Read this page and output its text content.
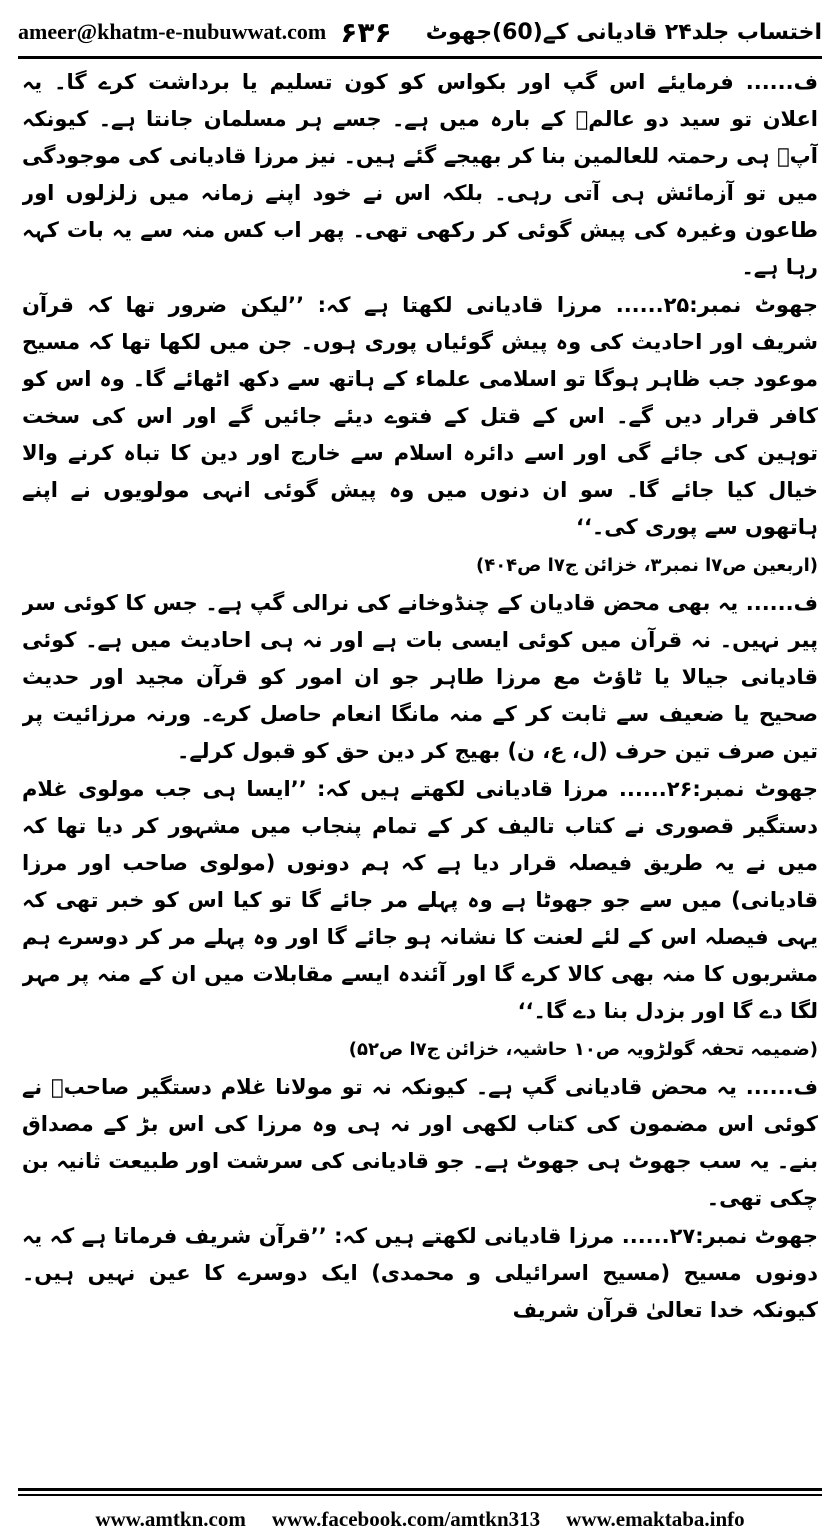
ameer@khatm-e-nubuwwat.com ۶۳۶ اختساب جلد۲۴ قادیانی کے(60)جھوٹ

ف...... فرمایئے اس گپ اور بکواس کو کون تسلیم یا برداشت کرے گا۔ یہ اعلان تو سید دو عالمﷺ کے بارہ میں ہے۔ جسے ہر مسلمان جانتا ہے۔ کیونکہ آپؐ ہی رحمتہ للعالمین بنا کر بھیجے گئے ہیں۔ نیز مرزا قادیانی کی موجودگی میں تو آزمائش ہی آتی رہی۔ بلکہ اس نے خود اپنے زمانہ میں زلزلوں اور طاعون وغیرہ کی پیش گوئی کر رکھی تھی۔ پھر اب کس منہ سے یہ بات کہہ رہا ہے۔

جھوٹ نمبر:۲۵...... مرزا قادیانی لکھتا ہے کہ: ’’لیکن ضرور تھا کہ قرآن شریف اور احادیث کی وہ پیش گوئیاں پوری ہوں۔ جن میں لکھا تھا کہ مسیح موعود جب ظاہر ہوگا تو اسلامی علماء کے ہاتھ سے دکھ اٹھائے گا۔ وہ اس کو کافر قرار دیں گے۔ اس کے قتل کے فتوے دیئے جائیں گے اور اس کی سخت توہین کی جائے گی اور اسے دائرہ اسلام سے خارج اور دین کا تباہ کرنے والا خیال کیا جائے گا۔ سو ان دنوں میں وہ پیش گوئی انہی مولویوں نے اپنے ہاتھوں سے پوری کی۔‘‘

(اربعین ص۷ا نمبر۳، خزائن ج۷ا ص۴۰۴)

ف...... یہ بھی محض قادیان کے چنڈوخانے کی نرالی گپ ہے۔ جس کا کوئی سر پیر نہیں۔ نہ قرآن میں کوئی ایسی بات ہے اور نہ ہی احادیث میں ہے۔ کوئی قادیانی جیالا یا ٹاؤٹ مع مرزا طاہر جو ان امور کو قرآن مجید اور حدیث صحیح یا ضعیف سے ثابت کر کے منہ مانگا انعام حاصل کرے۔ ورنہ مرزائیت پر تین صرف تین حرف (ل، ع، ن) بھیج کر دین حق کو قبول کرلے۔

جھوٹ نمبر:۲۶...... مرزا قادیانی لکھتے ہیں کہ: ’’ایسا ہی جب مولوی غلام دستگیر قصوری نے کتاب تالیف کر کے تمام پنجاب میں مشہور کر دیا تھا کہ میں نے یہ طریق فیصلہ قرار دیا ہے کہ ہم دونوں (مولوی صاحب اور مرزا قادیانی) میں سے جو جھوٹا ہے وہ پہلے مر جائے گا تو کیا اس کو خبر تھی کہ یہی فیصلہ اس کے لئے لعنت کا نشانہ ہو جائے گا اور وہ پہلے مر کر دوسرے ہم مشربوں کا منہ بھی کالا کرے گا اور آئندہ ایسے مقابلات میں ان کے منہ پر مہر لگا دے گا اور بزدل بنا دے گا۔‘‘

(ضمیمہ تحفہ گولڑویہ ص۱۰ حاشیہ، خزائن ج۷ا ص۵۲)

ف...... یہ محض قادیانی گپ ہے۔ کیونکہ نہ تو مولانا غلام دستگیر صاحبؒ نے کوئی اس مضمون کی کتاب لکھی اور نہ ہی وہ مرزا کی اس بڑ کے مصداق بنے۔ یہ سب جھوٹ ہی جھوٹ ہے۔ جو قادیانی کی سرشت اور طبیعت ثانیہ بن چکی تھی۔

جھوٹ نمبر:۲۷...... مرزا قادیانی لکھتے ہیں کہ: ’’قرآن شریف فرماتا ہے کہ یہ دونوں مسیح (مسیح اسرائیلی و محمدی) ایک دوسرے کا عین نہیں ہیں۔ کیونکہ خدا تعالیٰ قرآن شریف

www.amtkn.com www.facebook.com/amtkn313 www.emaktaba.info
